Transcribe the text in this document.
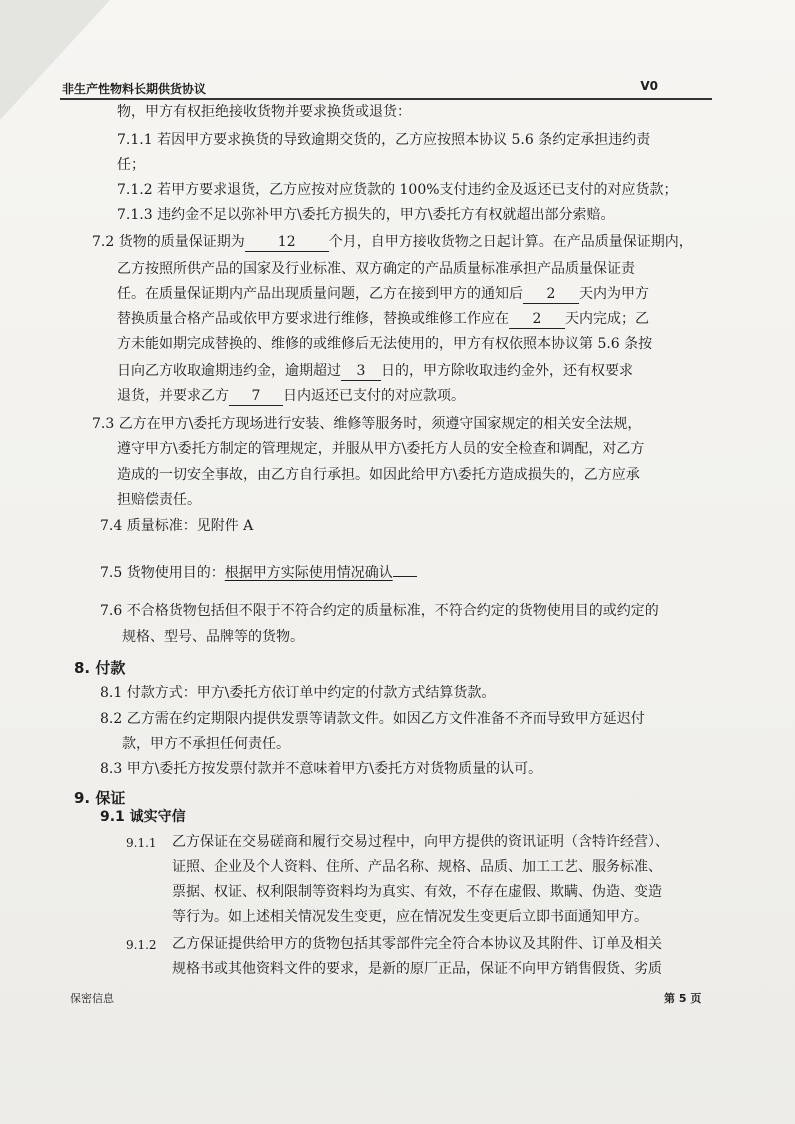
非生产性物料长期供货协议	V0
物，甲方有权拒绝接收货物并要求换货或退货：
7.1.1 若因甲方要求换货的导致逾期交货的，乙方应按照本协议 5.6 条约定承担违约责
任；
7.1.2 若甲方要求退货，乙方应按对应货款的 100%支付违约金及返还已支付的对应货款；
7.1.3 违约金不足以弥补甲方\委托方损失的，甲方\委托方有权就超出部分索赔。
7.2 货物的质量保证期为 12 个月，自甲方接收货物之日起计算。在产品质量保证期内，
乙方按照所供产品的国家及行业标准、双方确定的产品质量标准承担产品质量保证责
任。在质量保证期内产品出现质量问题，乙方在接到甲方的通知后 2 天内为甲方
替换质量合格产品或依甲方要求进行维修，替换或维修工作应在 2 天内完成；乙
方未能如期完成替换的、维修的或维修后无法使用的，甲方有权依照本协议第 5.6 条按
日向乙方收取逾期违约金，逾期超过 3 日的，甲方除收取违约金外，还有权要求
退货，并要求乙方 7 日内返还已支付的对应款项。
7.3 乙方在甲方\委托方现场进行安装、维修等服务时，须遵守国家规定的相关安全法规，
遵守甲方\委托方制定的管理规定，并服从甲方\委托方人员的安全检查和调配，对乙方
造成的一切安全事故，由乙方自行承担。如因此给甲方\委托方造成损失的，乙方应承
担赔偿责任。
7.4 质量标准：见附件 A
7.5 货物使用目的：根据甲方实际使用情况确认
7.6 不合格货物包括但不限于不符合约定的质量标准，不符合约定的货物使用目的或约定的
规格、型号、品牌等的货物。
8. 付款
8.1 付款方式：甲方\委托方依订单中约定的付款方式结算货款。
8.2 乙方需在约定期限内提供发票等请款文件。如因乙方文件准备不齐而导致甲方延迟付
款，甲方不承担任何责任。
8.3 甲方\委托方按发票付款并不意味着甲方\委托方对货物质量的认可。
9. 保证
9.1 诚实守信
9.1.1 乙方保证在交易磋商和履行交易过程中，向甲方提供的资讯证明（含特许经营）、
证照、企业及个人资料、住所、产品名称、规格、品质、加工工艺、服务标准、
票据、权证、权利限制等资料均为真实、有效，不存在虚假、欺瞒、伪造、变造
等行为。如上述相关情况发生变更，应在情况发生变更后立即书面通知甲方。
9.1.2 乙方保证提供给甲方的货物包括其零部件完全符合本协议及其附件、订单及相关
规格书或其他资料文件的要求，是新的原厂正品，保证不向甲方销售假货、劣质
保密信息	第 5 页
